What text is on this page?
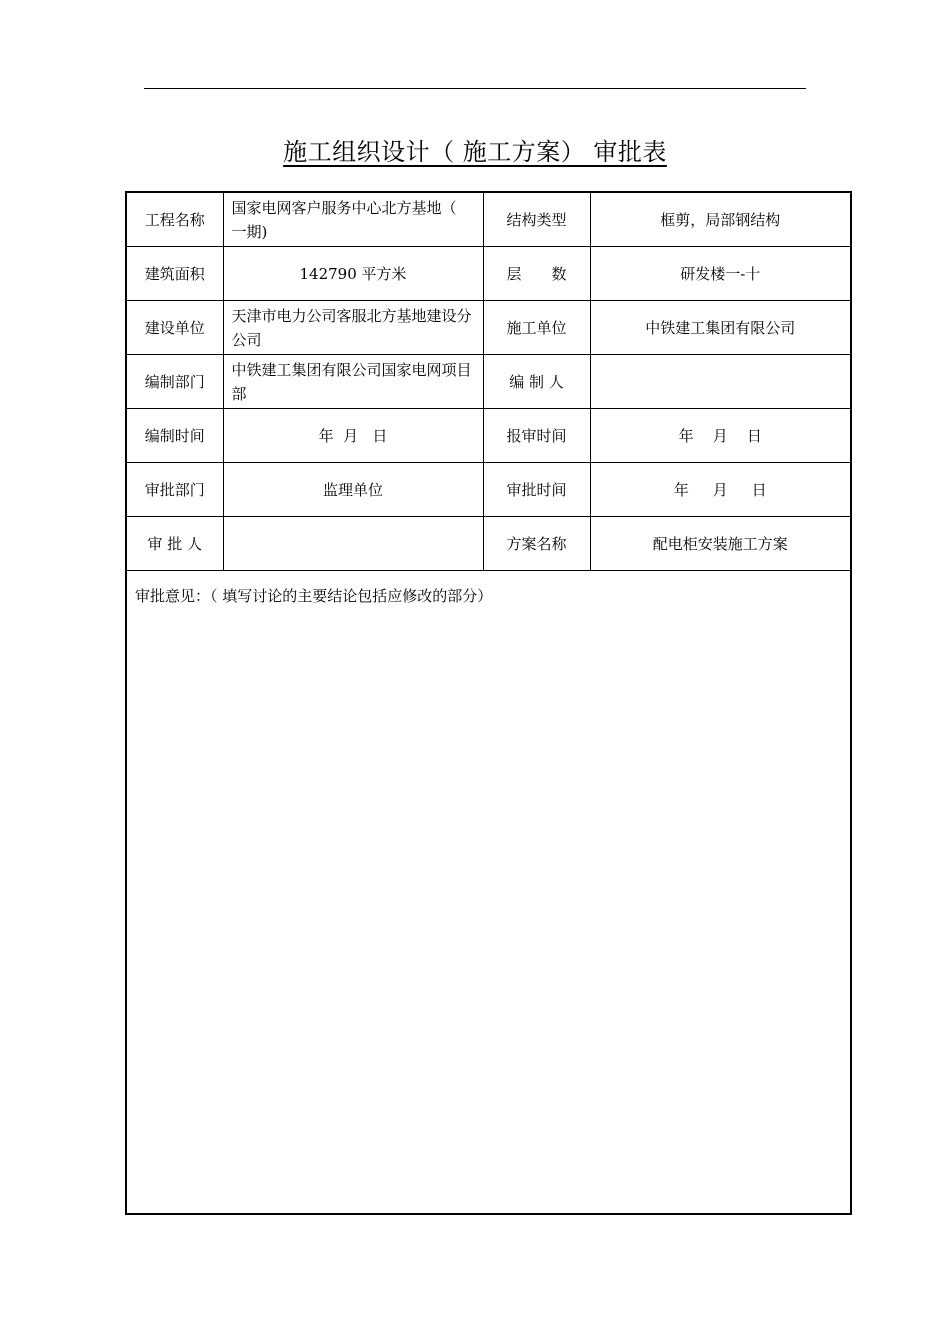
施工组织设计（ 施工方案） 审批表
工程名称	国家电网客户服务中心北方基地（ 一期)	结构类型	框剪，局部钢结构
建筑面积	142790 平方米	层　　数	研发楼一-十
建设单位	天津市电力公司客服北方基地建设分公司	施工单位	中铁建工集团有限公司
编制部门	中铁建工集团有限公司国家电网项目部	编 制 人	
编制时间	年  月   日	报审时间	年    月    日
审批部门	监理单位	审批时间	年     月     日
审 批 人		方案名称	配电柜安装施工方案
审批意见：（ 填写讨论的主要结论包括应修改的部分）			
